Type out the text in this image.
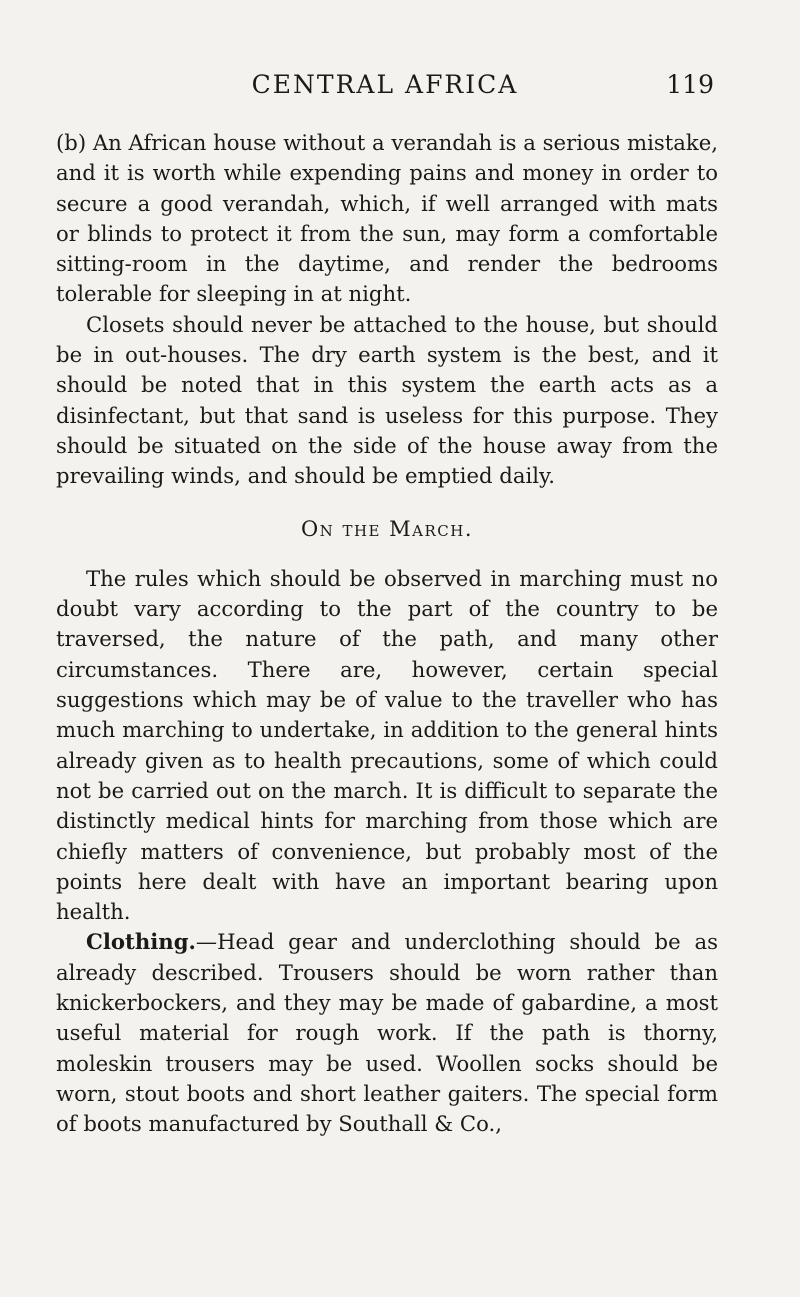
CENTRAL AFRICA	119

(b) An African house without a verandah is a serious mistake, and it is worth while expending pains and money in order to secure a good verandah, which, if well arranged with mats or blinds to protect it from the sun, may form a comfortable sitting-room in the daytime, and render the bedrooms tolerable for sleeping in at night.

Closets should never be attached to the house, but should be in out-houses. The dry earth system is the best, and it should be noted that in this system the earth acts as a disinfectant, but that sand is useless for this purpose. They should be situated on the side of the house away from the prevailing winds, and should be emptied daily.

On the March.

The rules which should be observed in marching must no doubt vary according to the part of the country to be traversed, the nature of the path, and many other circumstances. There are, however, certain special suggestions which may be of value to the traveller who has much marching to undertake, in addition to the general hints already given as to health precautions, some of which could not be carried out on the march. It is difficult to separate the distinctly medical hints for marching from those which are chiefly matters of convenience, but probably most of the points here dealt with have an important bearing upon health.

Clothing.—Head gear and underclothing should be as already described. Trousers should be worn rather than knickerbockers, and they may be made of gabardine, a most useful material for rough work. If the path is thorny, moleskin trousers may be used. Woollen socks should be worn, stout boots and short leather gaiters. The special form of boots manufactured by Southall & Co.,
